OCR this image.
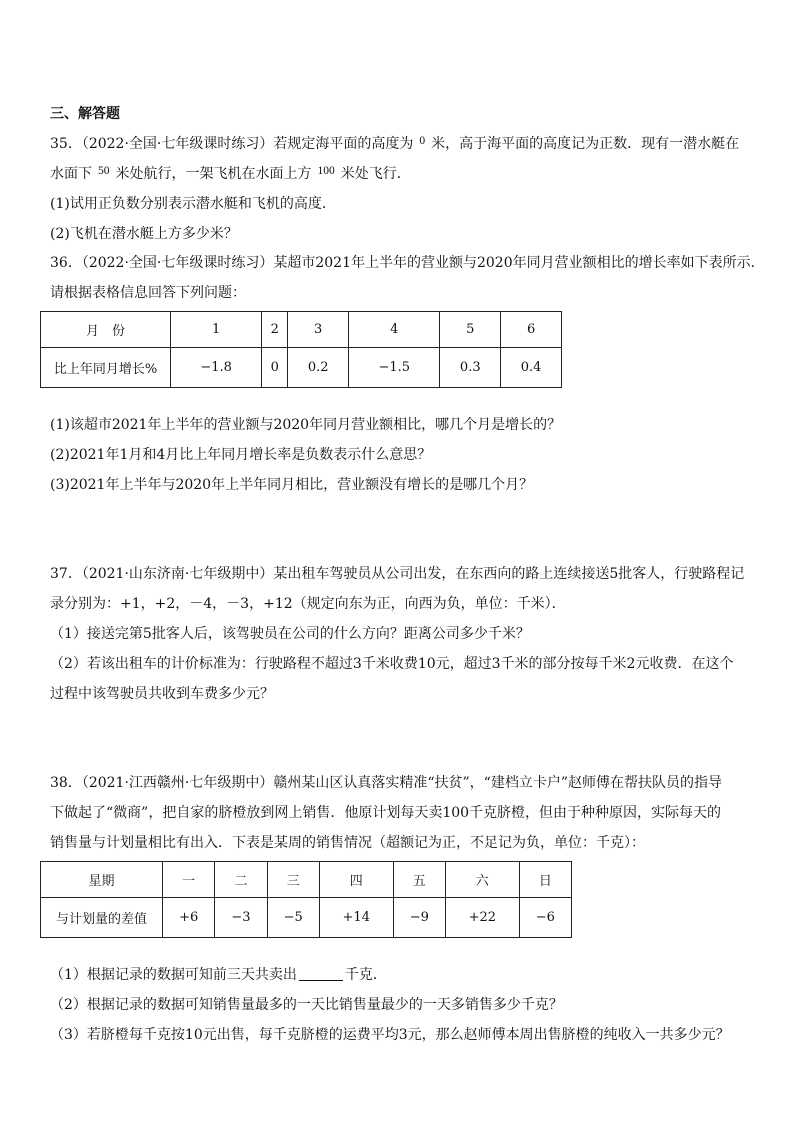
三、解答题
35．（2022·全国·七年级课时练习）若规定海平面的高度为 $^0$ 米，高于海平面的高度记为正数．现有一潜水艇在
水面下 $^{50}$ 米处航行，一架飞机在水面上方 $^{100}$ 米处飞行．
(1)试用正负数分别表示潜水艇和飞机的高度．
(2)飞机在潜水艇上方多少米？
36．（2022·全国·七年级课时练习）某超市2021年上半年的营业额与2020年同月营业额相比的增长率如下表所示．
请根据表格信息回答下列问题：
月　份	1	2	3	4	5	6
比上年同月增长%	−1.8	0	0.2	−1.5	0.3	0.4
(1)该超市2021年上半年的营业额与2020年同月营业额相比，哪几个月是增长的？
(2)2021年1月和4月比上年同月增长率是负数表示什么意思？
(3)2021年上半年与2020年上半年同月相比，营业额没有增长的是哪几个月？
37．（2021·山东济南·七年级期中）某出租车驾驶员从公司出发，在东西向的路上连续接送5批客人，行驶路程记
录分别为：+1，+2，－4，－3，+12（规定向东为正，向西为负，单位：千米）．
（1）接送完第5批客人后，该驾驶员在公司的什么方向？距离公司多少千米？
（2）若该出租车的计价标准为：行驶路程不超过3千米收费10元，超过3千米的部分按每千米2元收费．在这个
过程中该驾驶员共收到车费多少元？
38．（2021·江西赣州·七年级期中）赣州某山区认真落实精准“扶贫”，“建档立卡户”赵师傅在帮扶队员的指导
下做起了“微商”，把自家的脐橙放到网上销售．他原计划每天卖100千克脐橙，但由于种种原因，实际每天的
销售量与计划量相比有出入．下表是某周的销售情况（超额记为正，不足记为负，单位：千克）：
星期	一	二	三	四	五	六	日
与计划量的差值	+6	−3	−5	+14	−9	+22	−6
（1）根据记录的数据可知前三天共卖出	千克．
（2）根据记录的数据可知销售量最多的一天比销售量最少的一天多销售多少千克？
（3）若脐橙每千克按10元出售，每千克脐橙的运费平均3元，那么赵师傅本周出售脐橙的纯收入一共多少元？
